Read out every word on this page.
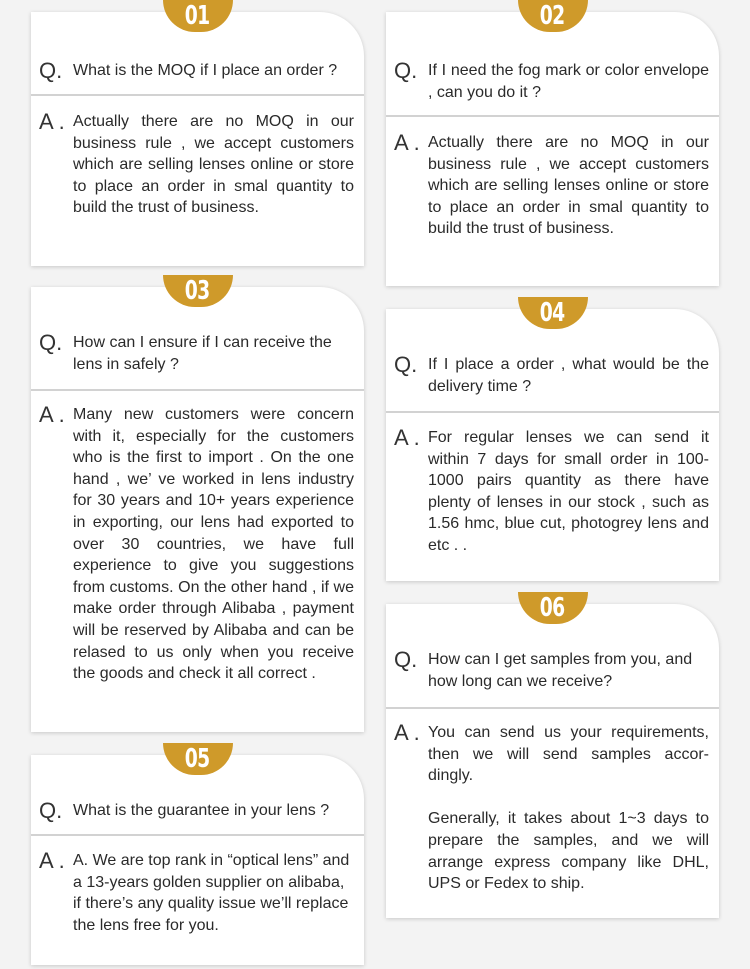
01
Q. What is the MOQ if I place an order ?
A . Actually there are no MOQ in our business rule , we accept customers which are selling lenses online or store to place an order in smal quantity to build the trust of business.

02
Q. If I need the fog mark or color envelope , can you do it ?
A . Actually there are no MOQ in our business rule , we accept customers which are selling lenses online or store to place an order in smal quantity to build the trust of business.

03
Q. How can I ensure if I can receive the lens in safely ?
A . Many new customers were concern with it, especially for the customers who is the first to import . On the one hand , we’ ve worked in lens industry for 30 years and 10+ years experience in exporting, our lens had exported to over 30 countries, we have full experience to give you suggestions from customs. On the other hand , if we make order through Alibaba , payment will be reserved by Alibaba and can be relased to us only when you receive the goods and check it all correct .

04
Q. If I place a order , what would be the delivery time ?
A . For regular lenses we can send it within 7 days for small order in 100-1000 pairs quantity as there have plenty of lenses in our stock , such as 1.56 hmc, blue cut, photogrey lens and etc . .

05
Q. What is the guarantee in your lens ?
A . A. We are top rank in “optical lens” and a 13-years golden supplier on alibaba, if there’s any quality issue we’ll replace the lens free for you.

06
Q. How can I get samples from you, and how long can we receive?
A . You can send us your requirements, then we will send samples accor- dingly.

Generally, it takes about 1~3 days to prepare the samples, and we will arrange express company like DHL, UPS or Fedex to ship.
